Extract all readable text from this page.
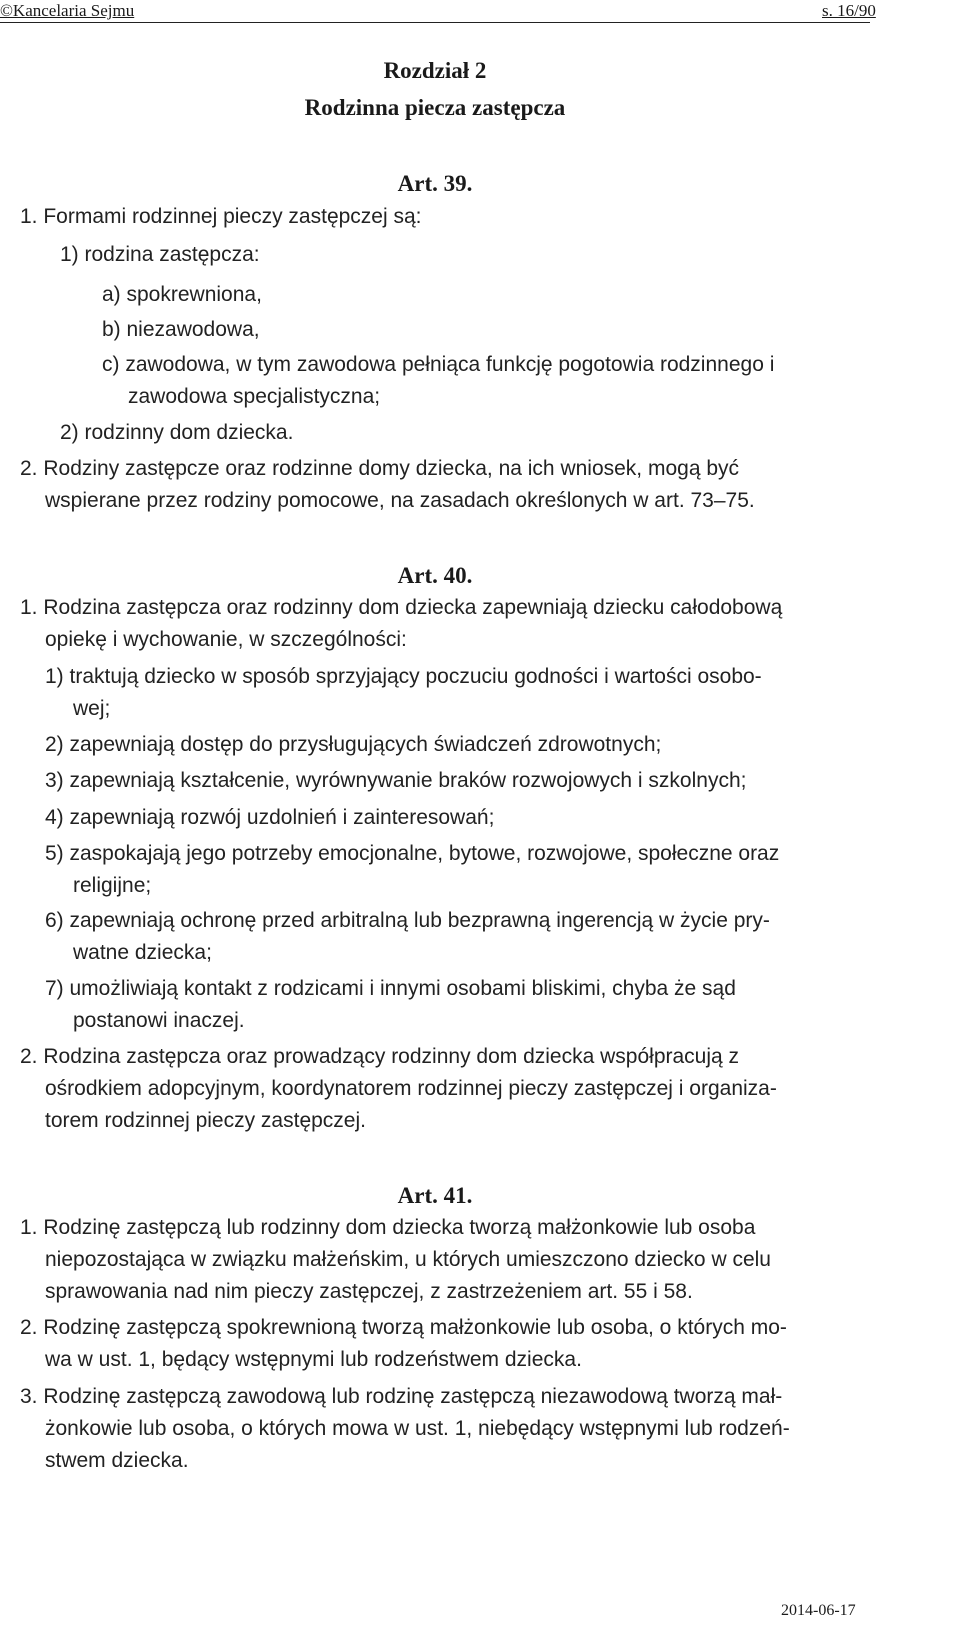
©Kancelaria Sejmu	s. 16/90
Rozdział 2
Rodzinna piecza zastępcza
Art. 39.
1. Formami rodzinnej pieczy zastępczej są:
1) rodzina zastępcza:
a) spokrewniona,
b) niezawodowa,
c) zawodowa, w tym zawodowa pełniąca funkcję pogotowia rodzinnego i
zawodowa specjalistyczna;
2) rodzinny dom dziecka.
2. Rodziny zastępcze oraz rodzinne domy dziecka, na ich wniosek, mogą być
wspierane przez rodziny pomocowe, na zasadach określonych w art. 73–75.
Art. 40.
1. Rodzina zastępcza oraz rodzinny dom dziecka zapewniają dziecku całodobową
opiekę i wychowanie, w szczególności:
1) traktują dziecko w sposób sprzyjający poczuciu godności i wartości osobo-
wej;
2) zapewniają dostęp do przysługujących świadczeń zdrowotnych;
3) zapewniają kształcenie, wyrównywanie braków rozwojowych i szkolnych;
4) zapewniają rozwój uzdolnień i zainteresowań;
5) zaspokajają jego potrzeby emocjonalne, bytowe, rozwojowe, społeczne oraz
religijne;
6) zapewniają ochronę przed arbitralną lub bezprawną ingerencją w życie pry-
watne dziecka;
7) umożliwiają kontakt z rodzicami i innymi osobami bliskimi, chyba że sąd
postanowi inaczej.
2. Rodzina zastępcza oraz prowadzący rodzinny dom dziecka współpracują z
ośrodkiem adopcyjnym, koordynatorem rodzinnej pieczy zastępczej i organiza-
torem rodzinnej pieczy zastępczej.
Art. 41.
1. Rodzinę zastępczą lub rodzinny dom dziecka tworzą małżonkowie lub osoba
niepozostająca w związku małżeńskim, u których umieszczono dziecko w celu
sprawowania nad nim pieczy zastępczej, z zastrzeżeniem art. 55 i 58.
2. Rodzinę zastępczą spokrewnioną tworzą małżonkowie lub osoba, o których mo-
wa w ust. 1, będący wstępnymi lub rodzeństwem dziecka.
3. Rodzinę zastępczą zawodową lub rodzinę zastępczą niezawodową tworzą mał-
żonkowie lub osoba, o których mowa w ust. 1, niebędący wstępnymi lub rodzeń-
stwem dziecka.
2014-06-17
